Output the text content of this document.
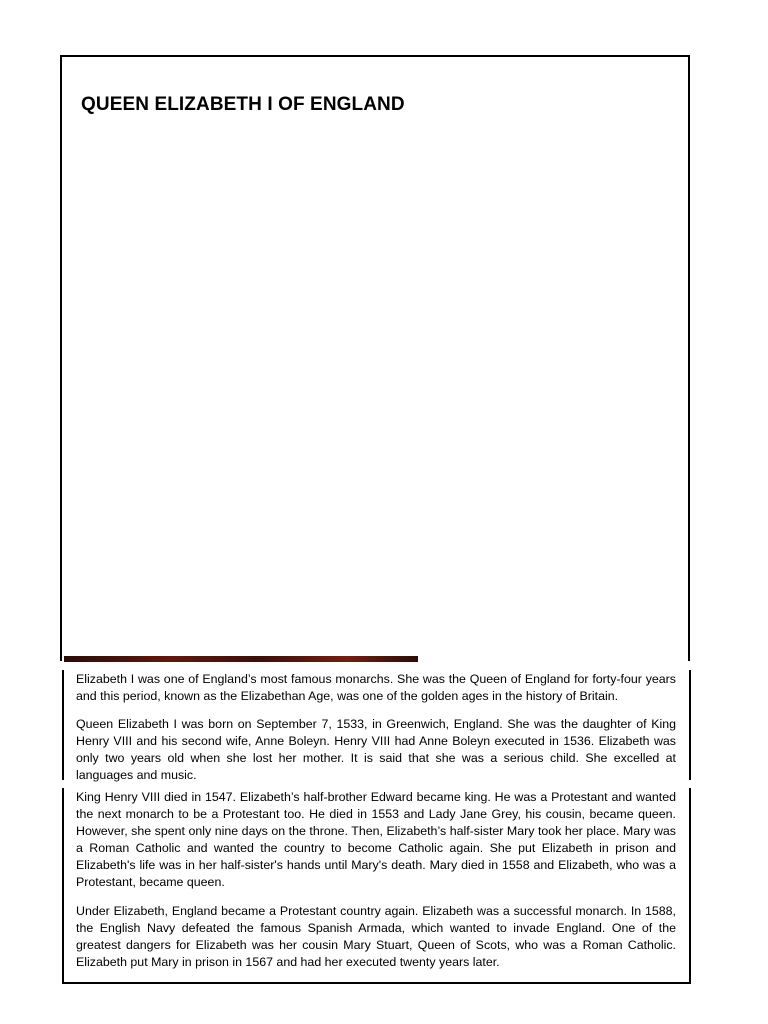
QUEEN ELIZABETH I OF ENGLAND

Elizabeth I was one of England’s most famous monarchs. She was the Queen of England for forty-four years and this period, known as the Elizabethan Age, was one of the golden ages in the history of Britain.

Queen Elizabeth I was born on September 7, 1533, in Greenwich, England. She was the daughter of King Henry VIII and his second wife, Anne Boleyn. Henry VIII had Anne Boleyn executed in 1536. Elizabeth was only two years old when she lost her mother. It is said that she was a serious child. She excelled at languages and music.

King Henry VIII died in 1547. Elizabeth’s half-brother Edward became king. He was a Protestant and wanted the next monarch to be a Protestant too. He died in 1553 and Lady Jane Grey, his cousin, became queen. However, she spent only nine days on the throne. Then, Elizabeth’s half-sister Mary took her place. Mary was a Roman Catholic and wanted the country to become Catholic again. She put Elizabeth in prison and Elizabeth's life was in her half-sister's hands until Mary's death. Mary died in 1558 and Elizabeth, who was a Protestant, became queen.

Under Elizabeth, England became a Protestant country again. Elizabeth was a successful monarch. In 1588, the English Navy defeated the famous Spanish Armada, which wanted to invade England. One of the greatest dangers for Elizabeth was her cousin Mary Stuart, Queen of Scots, who was a Roman Catholic. Elizabeth put Mary in prison in 1567 and had her executed twenty years later.
